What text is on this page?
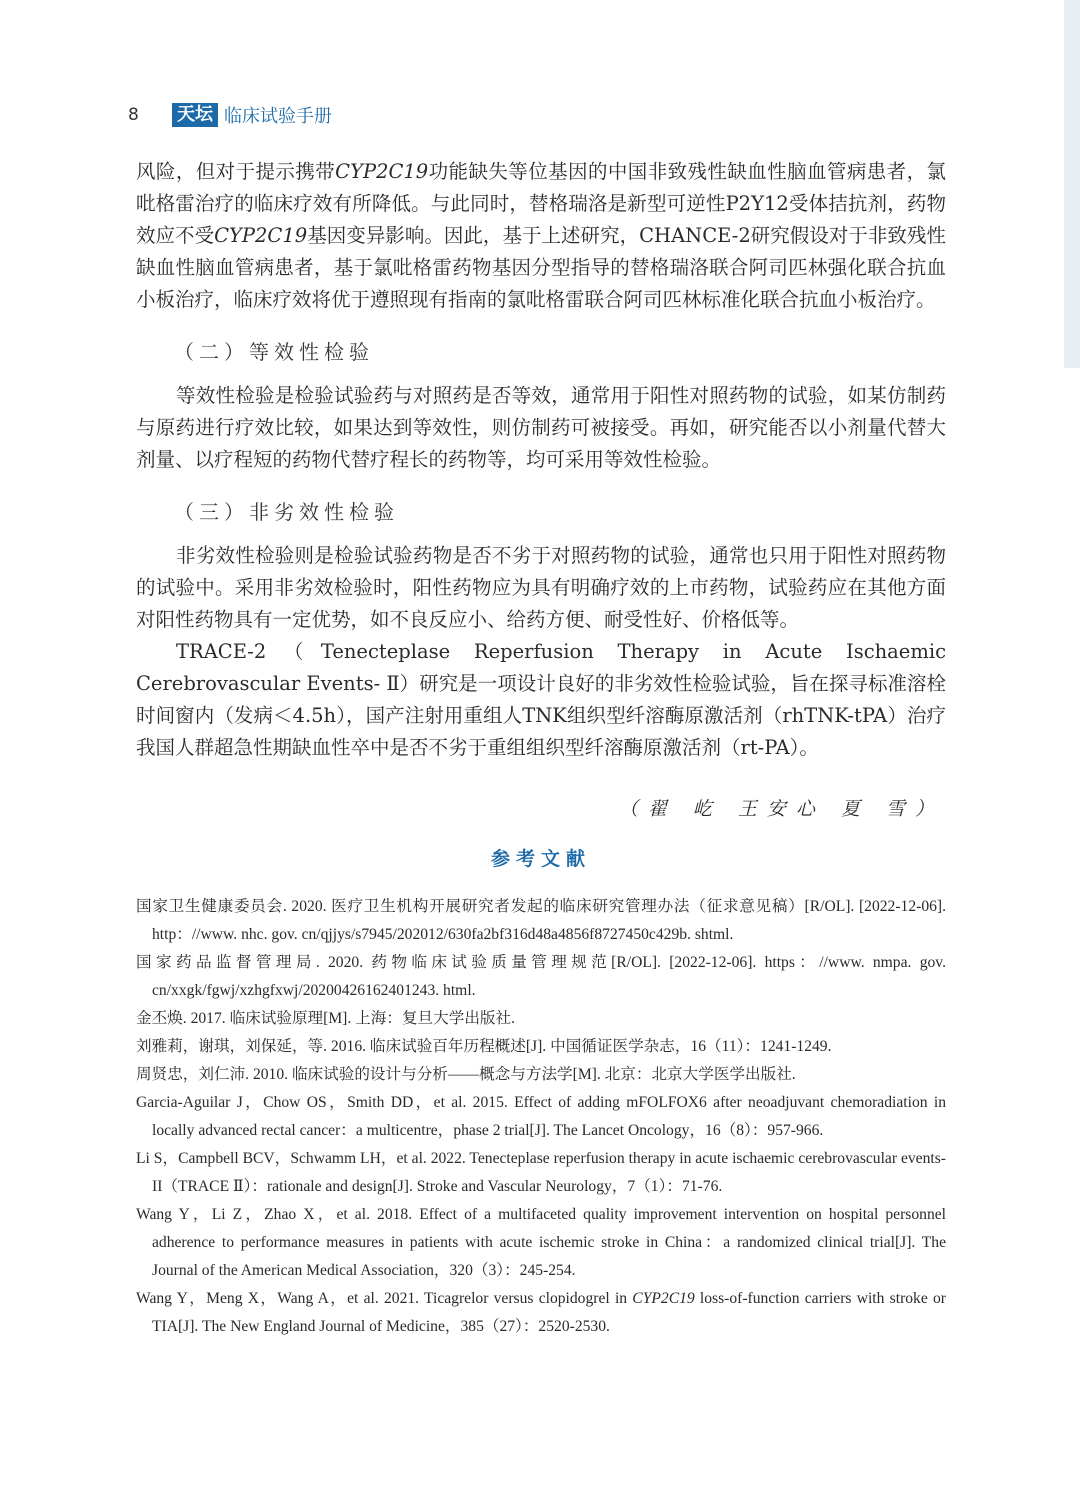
8	天坛 临床试验手册

风险，但对于提示携带CYP2C19功能缺失等位基因的中国非致残性缺血性脑血管病患者，氯吡格雷治疗的临床疗效有所降低。与此同时，替格瑞洛是新型可逆性P2Y12受体拮抗剂，药物效应不受CYP2C19基因变异影响。因此，基于上述研究，CHANCE-2研究假设对于非致残性缺血性脑血管病患者，基于氯吡格雷药物基因分型指导的替格瑞洛联合阿司匹林强化联合抗血小板治疗，临床疗效将优于遵照现有指南的氯吡格雷联合阿司匹林标准化联合抗血小板治疗。

（二）等效性检验

等效性检验是检验试验药与对照药是否等效，通常用于阳性对照药物的试验，如某仿制药与原药进行疗效比较，如果达到等效性，则仿制药可被接受。再如，研究能否以小剂量代替大剂量、以疗程短的药物代替疗程长的药物等，均可采用等效性检验。

（三）非劣效性检验

非劣效性检验则是检验试验药物是否不劣于对照药物的试验，通常也只用于阳性对照药物的试验中。采用非劣效检验时，阳性药物应为具有明确疗效的上市药物，试验药应在其他方面对阳性药物具有一定优势，如不良反应小、给药方便、耐受性好、价格低等。

TRACE-2（Tenecteplase Reperfusion Therapy in Acute Ischaemic Cerebrovascular Events- Ⅱ）研究是一项设计良好的非劣效性检验试验，旨在探寻标准溶栓时间窗内（发病＜4.5h），国产注射用重组人TNK组织型纤溶酶原激活剂（rhTNK-tPA）治疗我国人群超急性期缺血性卒中是否不劣于重组组织型纤溶酶原激活剂（rt-PA）。

（翟 屹 王安心 夏 雪）
参考文献

国家卫生健康委员会. 2020. 医疗卫生机构开展研究者发起的临床研究管理办法（征求意见稿）[R/OL]. [2022-12-06]. http：//www. nhc. gov. cn/qjjys/s7945/202012/630fa2bf316d48a4856f8727450c429b. shtml.

国家药品监督管理局. 2020. 药物临床试验质量管理规范[R/OL]. [2022-12-06]. https：//www. nmpa. gov. cn/xxgk/fgwj/xzhgfxwj/20200426162401243. html.

金丕焕. 2017. 临床试验原理[M]. 上海：复旦大学出版社.

刘雅莉，谢琪，刘保延，等. 2016. 临床试验百年历程概述[J]. 中国循证医学杂志，16（11）：1241-1249.

周贤忠，刘仁沛. 2010. 临床试验的设计与分析——概念与方法学[M]. 北京：北京大学医学出版社.

Garcia-Aguilar J，Chow OS，Smith DD，et al. 2015. Effect of adding mFOLFOX6 after neoadjuvant chemoradiation in locally advanced rectal cancer：a multicentre，phase 2 trial[J]. The Lancet Oncology，16（8）：957-966.

Li S，Campbell BCV，Schwamm LH，et al. 2022. Tenecteplase reperfusion therapy in acute ischaemic cerebrovascular events-II（TRACE Ⅱ）：rationale and design[J]. Stroke and Vascular Neurology，7（1）：71-76.

Wang Y，Li Z，Zhao X，et al. 2018. Effect of a multifaceted quality improvement intervention on hospital personnel adherence to performance measures in patients with acute ischemic stroke in China：a randomized clinical trial[J]. The Journal of the American Medical Association，320（3）：245-254.

Wang Y，Meng X，Wang A，et al. 2021. Ticagrelor versus clopidogrel in CYP2C19 loss-of-function carriers with stroke or TIA[J]. The New England Journal of Medicine，385（27）：2520-2530.
